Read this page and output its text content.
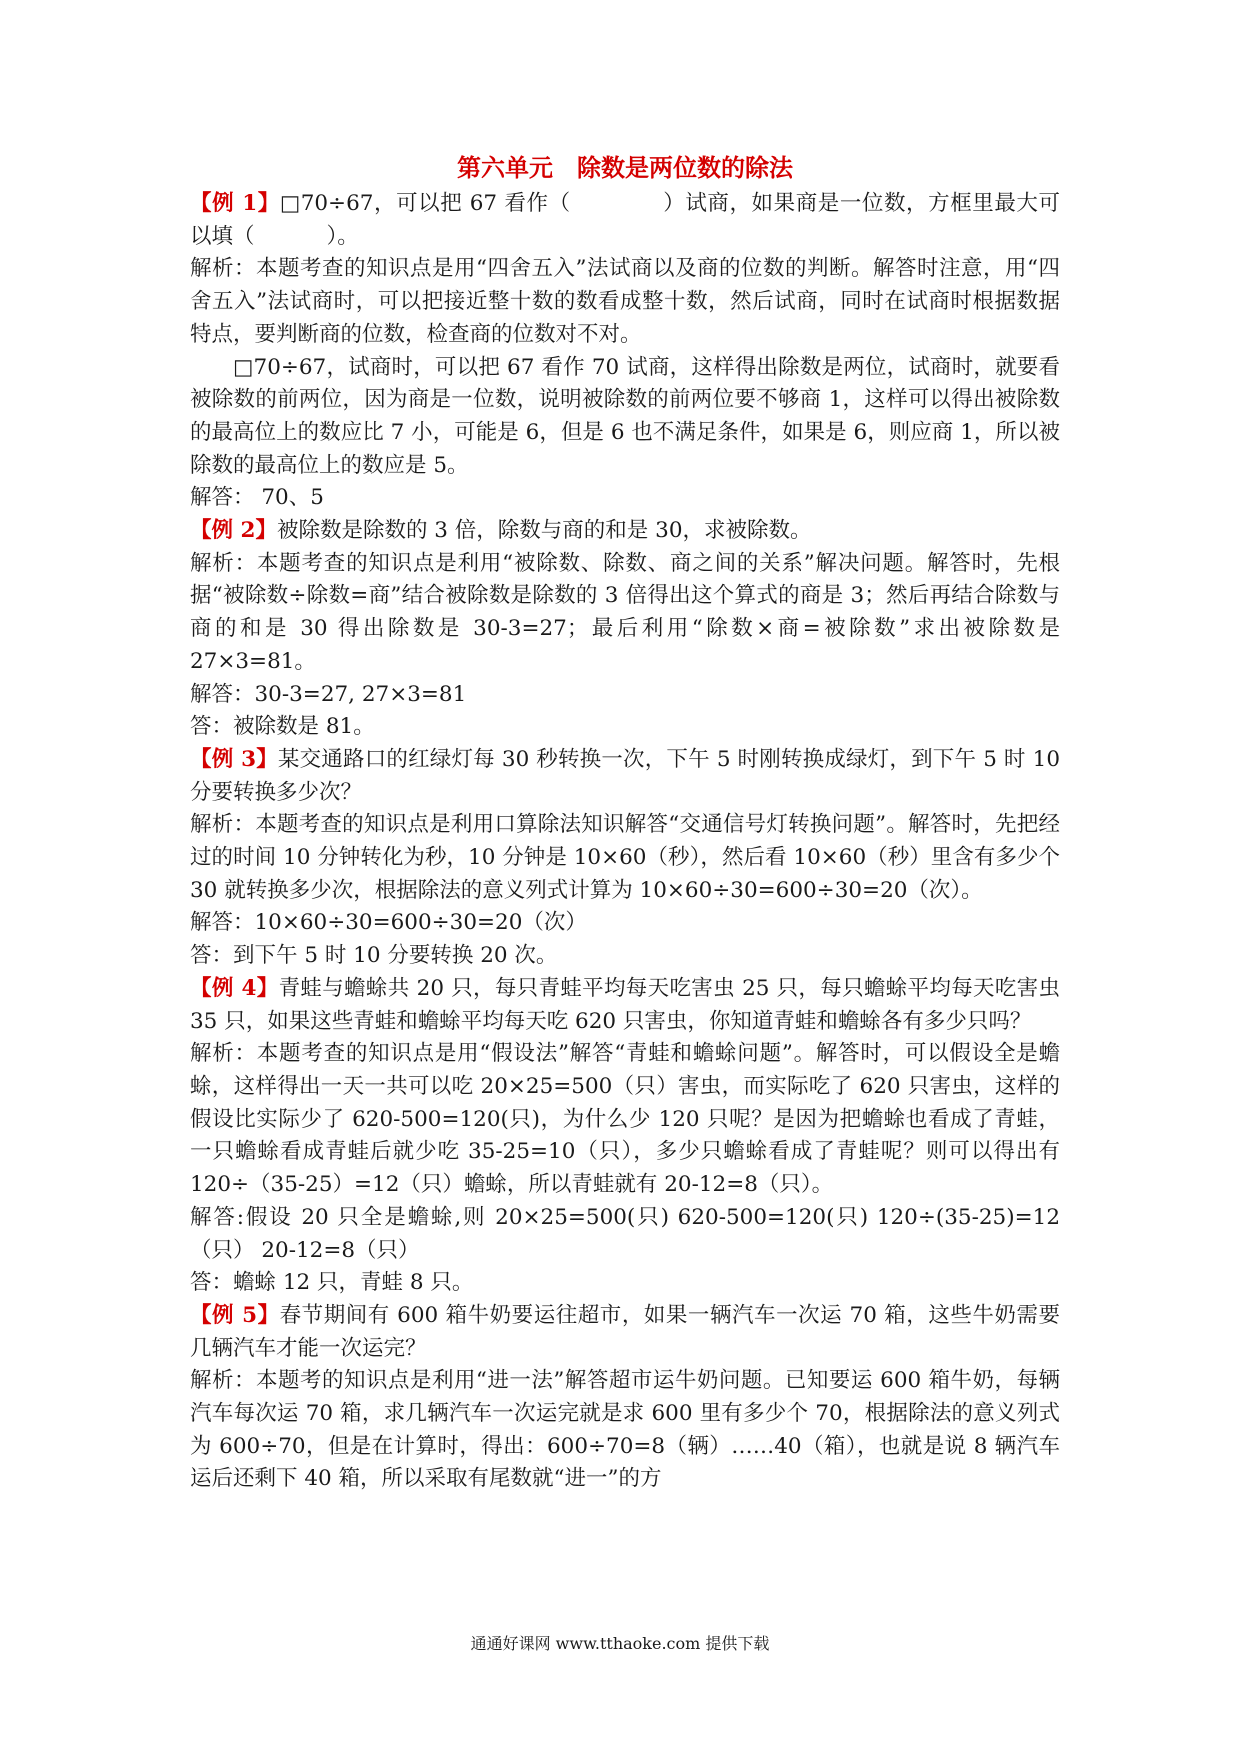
第六单元 除数是两位数的除法

【例 1】□70÷67，可以把 67 看作（	）试商，如果商是一位数，方框里最大可以填（	）。

解析：本题考查的知识点是用“四舍五入”法试商以及商的位数的判断。解答时注意，用“四舍五入”法试商时，可以把接近整十数的数看成整十数，然后试商，同时在试商时根据数据特点，要判断商的位数，检查商的位数对不对。

□70÷67，试商时，可以把 67 看作 70 试商，这样得出除数是两位，试商时，就要看被除数的前两位，因为商是一位数，说明被除数的前两位要不够商 1，这样可以得出被除数的最高位上的数应比 7 小，可能是 6，但是 6 也不满足条件，如果是 6，则应商 1，所以被除数的最高位上的数应是 5。

解答： 70、5

【例 2】被除数是除数的 3 倍，除数与商的和是 30，求被除数。

解析：本题考查的知识点是利用“被除数、除数、商之间的关系”解决问题。解答时，先根据“被除数÷除数=商”结合被除数是除数的 3 倍得出这个算式的商是 3；然后再结合除数与商的和是 30 得出除数是 30-3=27；最后利用“除数×商=被除数”求出被除数是 27×3=81。

解答：30-3=27, 27×3=81

答：被除数是 81。

【例 3】某交通路口的红绿灯每 30 秒转换一次，下午 5 时刚转换成绿灯，到下午 5 时 10 分要转换多少次？

解析：本题考查的知识点是利用口算除法知识解答“交通信号灯转换问题”。解答时，先把经过的时间 10 分钟转化为秒，10 分钟是 10×60（秒），然后看 10×60（秒）里含有多少个 30 就转换多少次，根据除法的意义列式计算为 10×60÷30=600÷30=20（次）。

解答：10×60÷30=600÷30=20（次）

答：到下午 5 时 10 分要转换 20 次。

【例 4】青蛙与蟾蜍共 20 只，每只青蛙平均每天吃害虫 25 只，每只蟾蜍平均每天吃害虫 35 只，如果这些青蛙和蟾蜍平均每天吃 620 只害虫，你知道青蛙和蟾蜍各有多少只吗？

解析：本题考查的知识点是用“假设法”解答“青蛙和蟾蜍问题”。解答时，可以假设全是蟾蜍，这样得出一天一共可以吃 20×25=500（只）害虫，而实际吃了 620 只害虫，这样的假设比实际少了 620-500=120(只)，为什么少 120 只呢？是因为把蟾蜍也看成了青蛙，一只蟾蜍看成青蛙后就少吃 35-25=10（只），多少只蟾蜍看成了青蛙呢？则可以得出有 120÷（35-25）=12（只）蟾蜍，所以青蛙就有 20-12=8（只）。

解答:假设 20 只全是蟾蜍,则 20×25=500(只) 620-500=120(只) 120÷(35-25)=12（只） 20-12=8（只）

答：蟾蜍 12 只，青蛙 8 只。

【例 5】春节期间有 600 箱牛奶要运往超市，如果一辆汽车一次运 70 箱，这些牛奶需要几辆汽车才能一次运完？

解析：本题考的知识点是利用“进一法”解答超市运牛奶问题。已知要运 600 箱牛奶，每辆汽车每次运 70 箱，求几辆汽车一次运完就是求 600 里有多少个 70，根据除法的意义列式为 600÷70，但是在计算时，得出：600÷70=8（辆）……40（箱），也就是说 8 辆汽车运后还剩下 40 箱，所以采取有尾数就“进一”的方

通通好课网 www.tthaoke.com 提供下载
